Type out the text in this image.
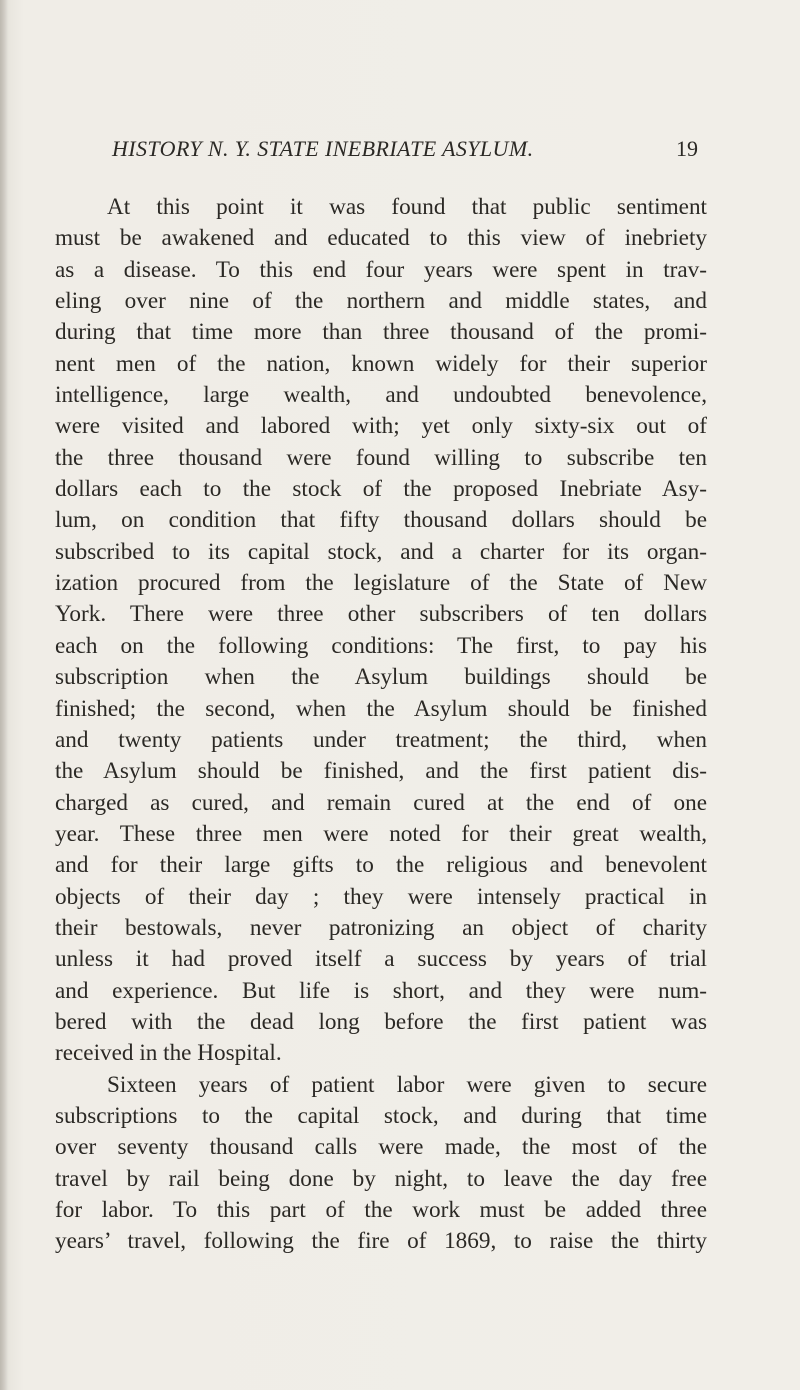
HISTORY N. Y. STATE INEBRIATE ASYLUM.	19
At this point it was found that public sentiment
must be awakened and educated to this view of inebriety
as a disease. To this end four years were spent in trav-
eling over nine of the northern and middle states, and
during that time more than three thousand of the promi-
nent men of the nation, known widely for their superior
intelligence, large wealth, and undoubted benevolence,
were visited and labored with; yet only sixty-six out of
the three thousand were found willing to subscribe ten
dollars each to the stock of the proposed Inebriate Asy-
lum, on condition that fifty thousand dollars should be
subscribed to its capital stock, and a charter for its organ-
ization procured from the legislature of the State of New
York. There were three other subscribers of ten dollars
each on the following conditions: The first, to pay his
subscription when the Asylum buildings should be
finished; the second, when the Asylum should be finished
and twenty patients under treatment; the third, when
the Asylum should be finished, and the first patient dis-
charged as cured, and remain cured at the end of one
year. These three men were noted for their great wealth,
and for their large gifts to the religious and benevolent
objects of their day ; they were intensely practical in
their bestowals, never patronizing an object of charity
unless it had proved itself a success by years of trial
and experience. But life is short, and they were num-
bered with the dead long before the first patient was
received in the Hospital.
Sixteen years of patient labor were given to secure
subscriptions to the capital stock, and during that time
over seventy thousand calls were made, the most of the
travel by rail being done by night, to leave the day free
for labor. To this part of the work must be added three
years’ travel, following the fire of 1869, to raise the thirty
